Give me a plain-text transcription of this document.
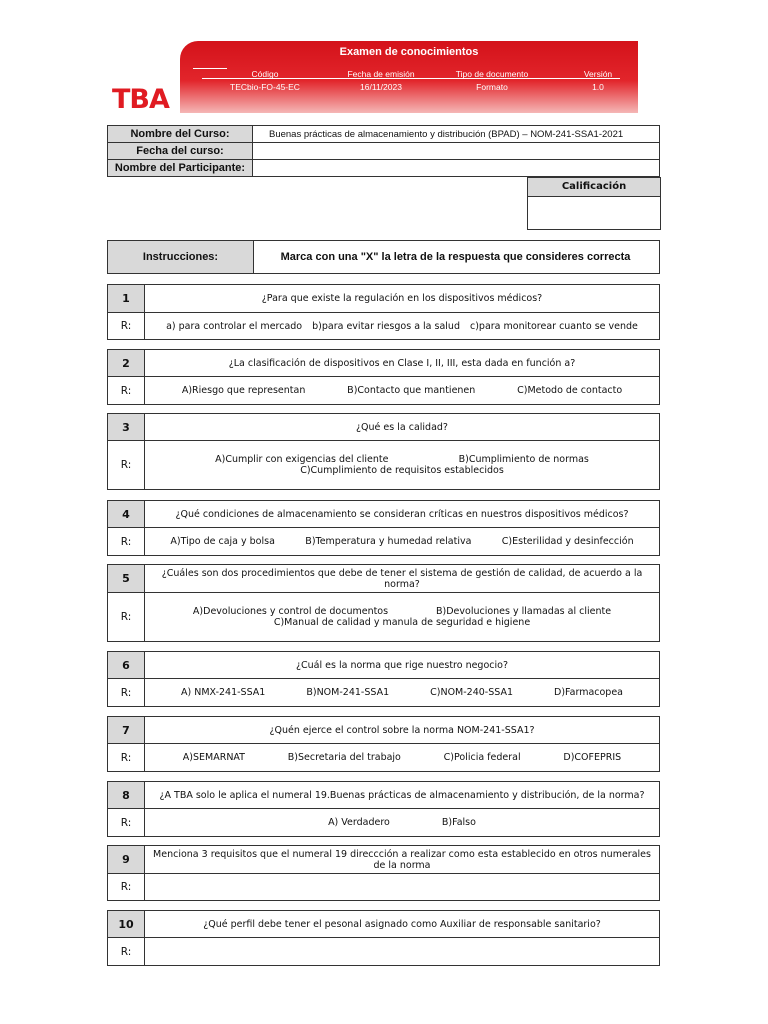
TBA
Examen de conocimientos
Código
TECbio-FO-45-EC
Fecha de emisión
16/11/2023
Tipo de documento
Formato
Versión
1.0
Nombre del Curso:	Buenas prácticas de almacenamiento y distribución (BPAD) – NOM-241-SSA1-2021
Fecha del curso:	
Nombre del Participante:	
Calificación
Instrucciones:	Marca con una "X" la letra de la respuesta que consideres correcta
1	¿Para que existe la regulación en los dispositivos médicos?
R:	a) para controlar el mercado b)para evitar riesgos a la salud c)para monitorear cuanto se vende
2	¿La clasificación de dispositivos en Clase I, II, III, esta dada en función a?
R:	A)Riesgo que representan B)Contacto que mantienen C)Metodo de contacto
3	¿Qué es la calidad?
R:	A)Cumplir con exigencias del cliente B)Cumplimiento de normas
C)Cumplimiento de requisitos establecidos
4	¿Qué condiciones de almacenamiento se consideran críticas en nuestros dispositivos médicos?
R:	A)Tipo de caja y bolsa B)Temperatura y humedad relativa C)Esterilidad y desinfección
5	¿Cuáles son dos procedimientos que debe de tener el sistema de gestión de calidad, de acuerdo a la norma?
R:	A)Devoluciones y control de documentos B)Devoluciones y llamadas al cliente
C)Manual de calidad y manula de seguridad e higiene
6	¿Cuál es la norma que rige nuestro negocio?
R:	A) NMX-241-SSA1 B)NOM-241-SSA1 C)NOM-240-SSA1 D)Farmacopea
7	¿Quén ejerce el control sobre la norma NOM-241-SSA1?
R:	A)SEMARNAT B)Secretaria del trabajo C)Policia federal D)COFEPRIS
8	¿A TBA solo le aplica el numeral 19.Buenas prácticas de almacenamiento y distribución, de la norma?
R:	A) Verdadero B)Falso
9	Menciona 3 requisitos que el numeral 19 direccción a realizar como esta establecido en otros numerales de la norma
R:	
10	¿Qué perfil debe tener el pesonal asignado como Auxiliar de responsable sanitario?
R:	
